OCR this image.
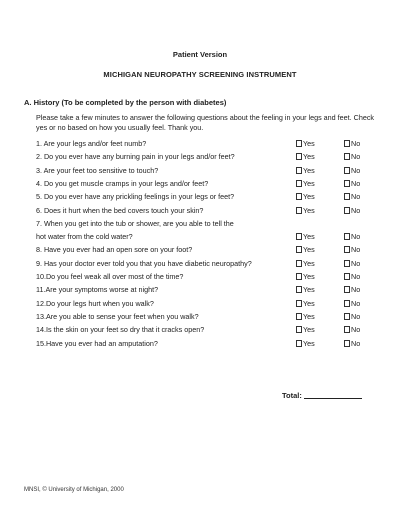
Patient Version
MICHIGAN NEUROPATHY SCREENING INSTRUMENT
A. History (To be completed by the person with diabetes)
Please take a few minutes to answer the following questions about the feeling in your legs and feet. Check yes or no based on how you usually feel. Thank you.
1. Are your legs and/or feet numb?	Yes	No
2. Do you ever have any burning pain in your legs and/or feet?	Yes	No
3. Are your feet too sensitive to touch?	Yes	No
4. Do you get muscle cramps in your legs and/or feet?	Yes	No
5. Do you ever have any prickling feelings in your legs or feet?	Yes	No
6. Does it hurt when the bed covers touch your skin?	Yes	No
7. When you get into the tub or shower, are you able to tell the
hot water from the cold water?	Yes	No
8. Have you ever had an open sore on your foot?	Yes	No
9. Has your doctor ever told you that you have diabetic neuropathy?	Yes	No
10.Do you feel weak all over most of the time?	Yes	No
11.Are your symptoms worse at night?	Yes	No
12.Do your legs hurt when you walk?	Yes	No
13.Are you able to sense your feet when you walk?	Yes	No
14.Is the skin on your feet so dry that it cracks open?	Yes	No
15.Have you ever had an amputation?	Yes	No
Total:
MNSI, © University of Michigan, 2000
